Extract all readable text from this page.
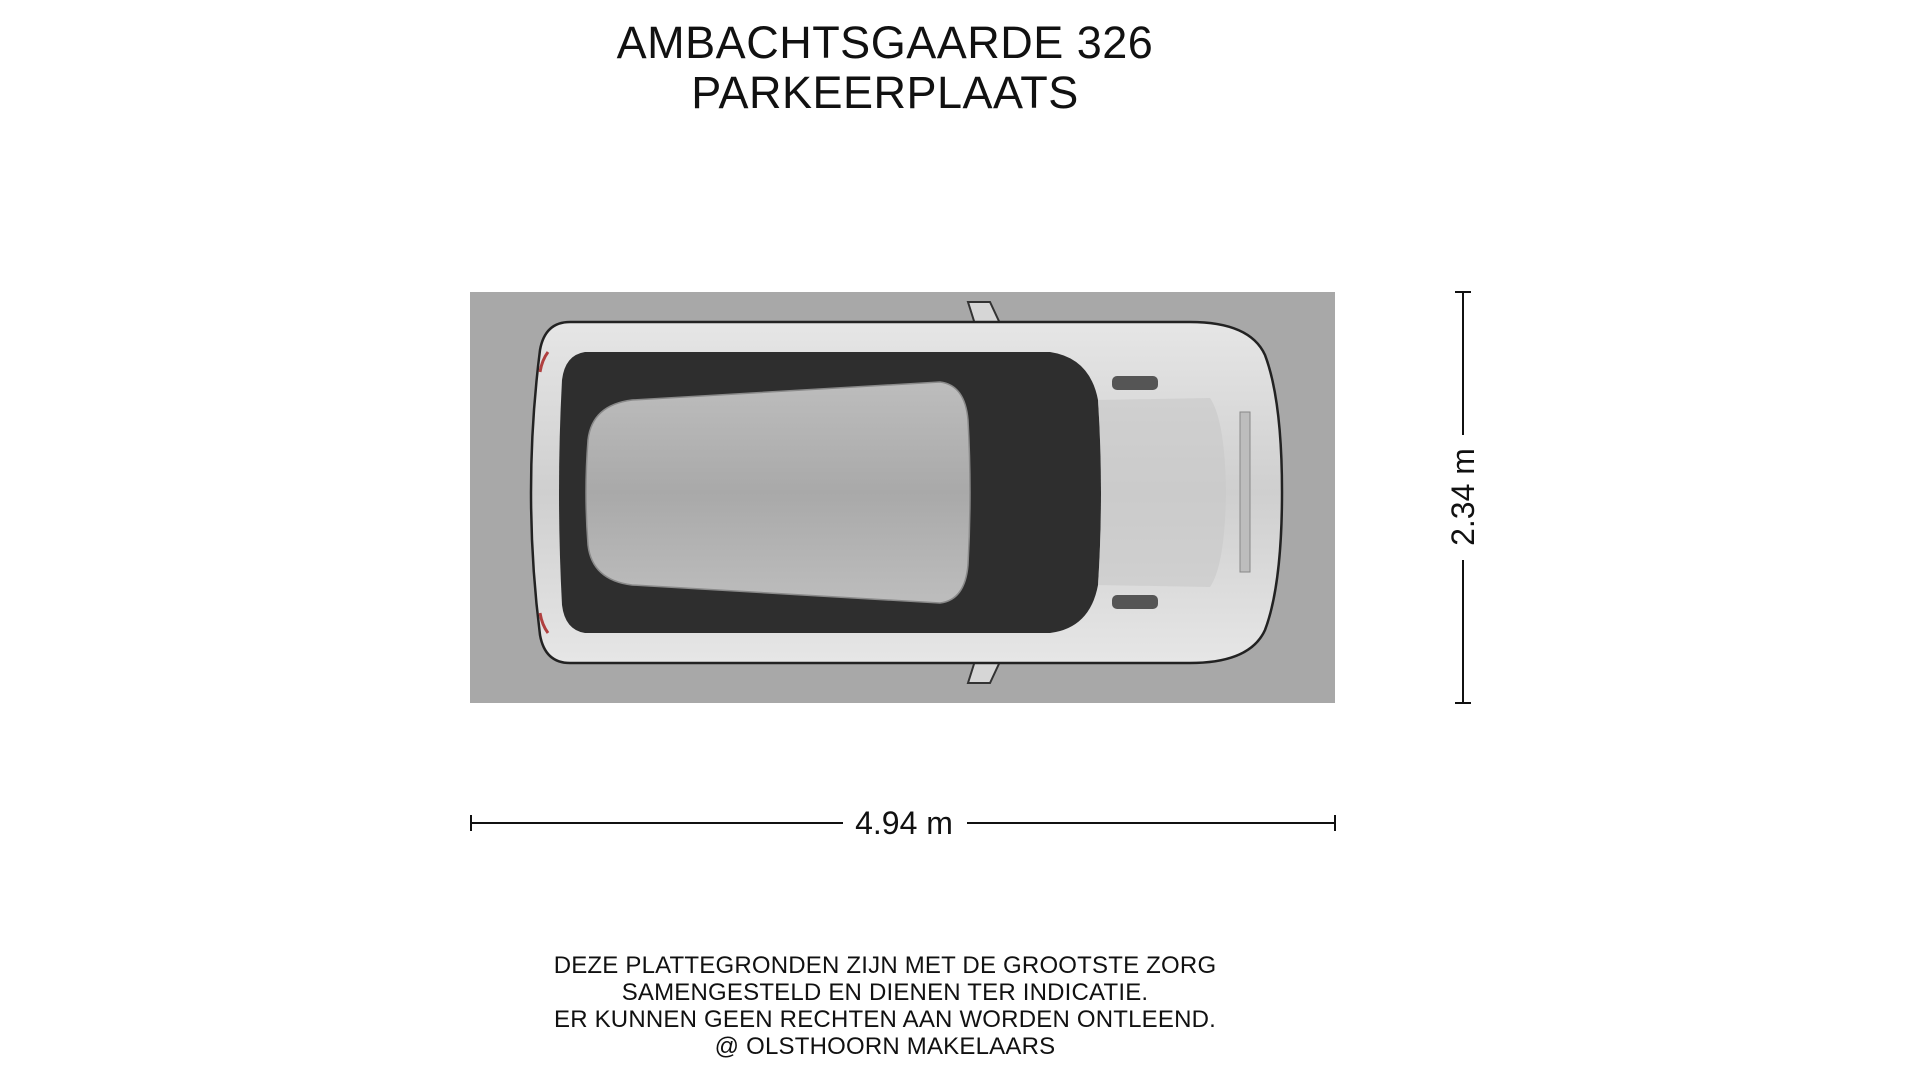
AMBACHTSGAARDE 326
PARKEERPLAATS
4.94 m
2.34 m
DEZE PLATTEGRONDEN ZIJN MET DE GROOTSTE ZORG
SAMENGESTELD EN DIENEN TER INDICATIE.
ER KUNNEN GEEN RECHTEN AAN WORDEN ONTLEEND.
@ OLSTHOORN MAKELAARS
